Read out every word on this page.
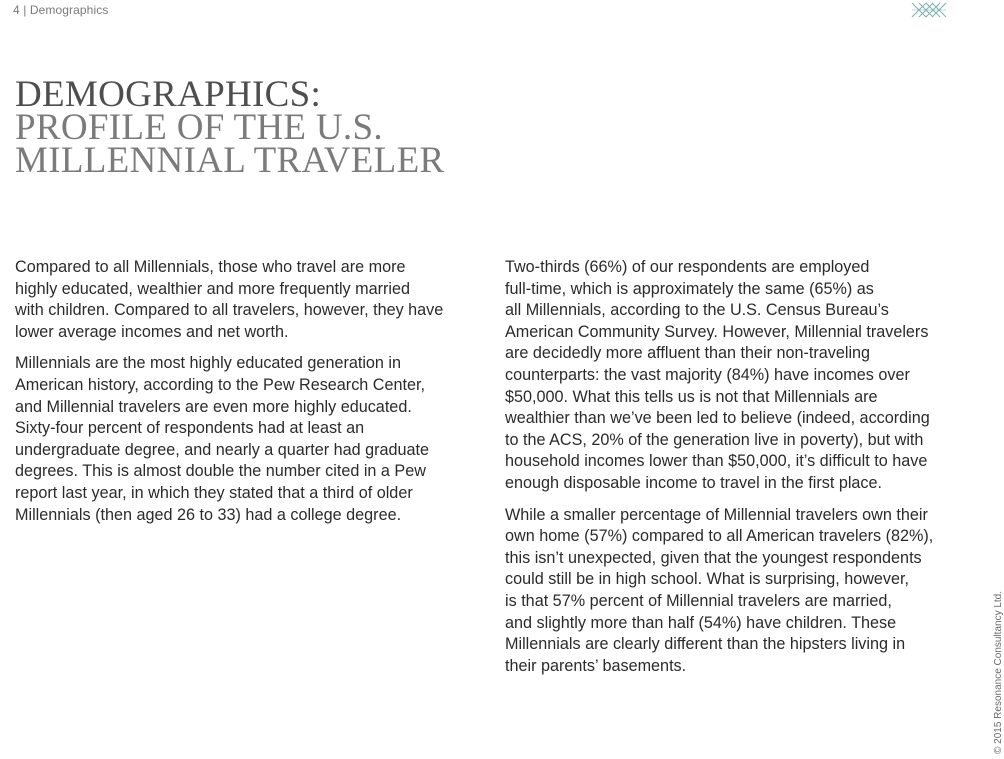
4 | Demographics
DEMOGRAPHICS:
PROFILE OF THE U.S.
MILLENNIAL TRAVELER

Compared to all Millennials, those who travel are more
highly educated, wealthier and more frequently married
with children. Compared to all travelers, however, they have
lower average incomes and net worth.

Millennials are the most highly educated generation in
American history, according to the Pew Research Center,
and Millennial travelers are even more highly educated.
Sixty-four percent of respondents had at least an
undergraduate degree, and nearly a quarter had graduate
degrees. This is almost double the number cited in a Pew
report last year, in which they stated that a third of older
Millennials (then aged 26 to 33) had a college degree.

Two-thirds (66%) of our respondents are employed
full-time, which is approximately the same (65%) as
all Millennials, according to the U.S. Census Bureau’s
American Community Survey. However, Millennial travelers
are decidedly more affluent than their non-traveling
counterparts: the vast majority (84%) have incomes over
$50,000. What this tells us is not that Millennials are
wealthier than we’ve been led to believe (indeed, according
to the ACS, 20% of the generation live in poverty), but with
household incomes lower than $50,000, it’s difficult to have
enough disposable income to travel in the first place.

While a smaller percentage of Millennial travelers own their
own home (57%) compared to all American travelers (82%),
this isn’t unexpected, given that the youngest respondents
could still be in high school. What is surprising, however,
is that 57% percent of Millennial travelers are married,
and slightly more than half (54%) have children. These
Millennials are clearly different than the hipsters living in
their parents’ basements.	© 2015 Resonance Consultancy Ltd.
